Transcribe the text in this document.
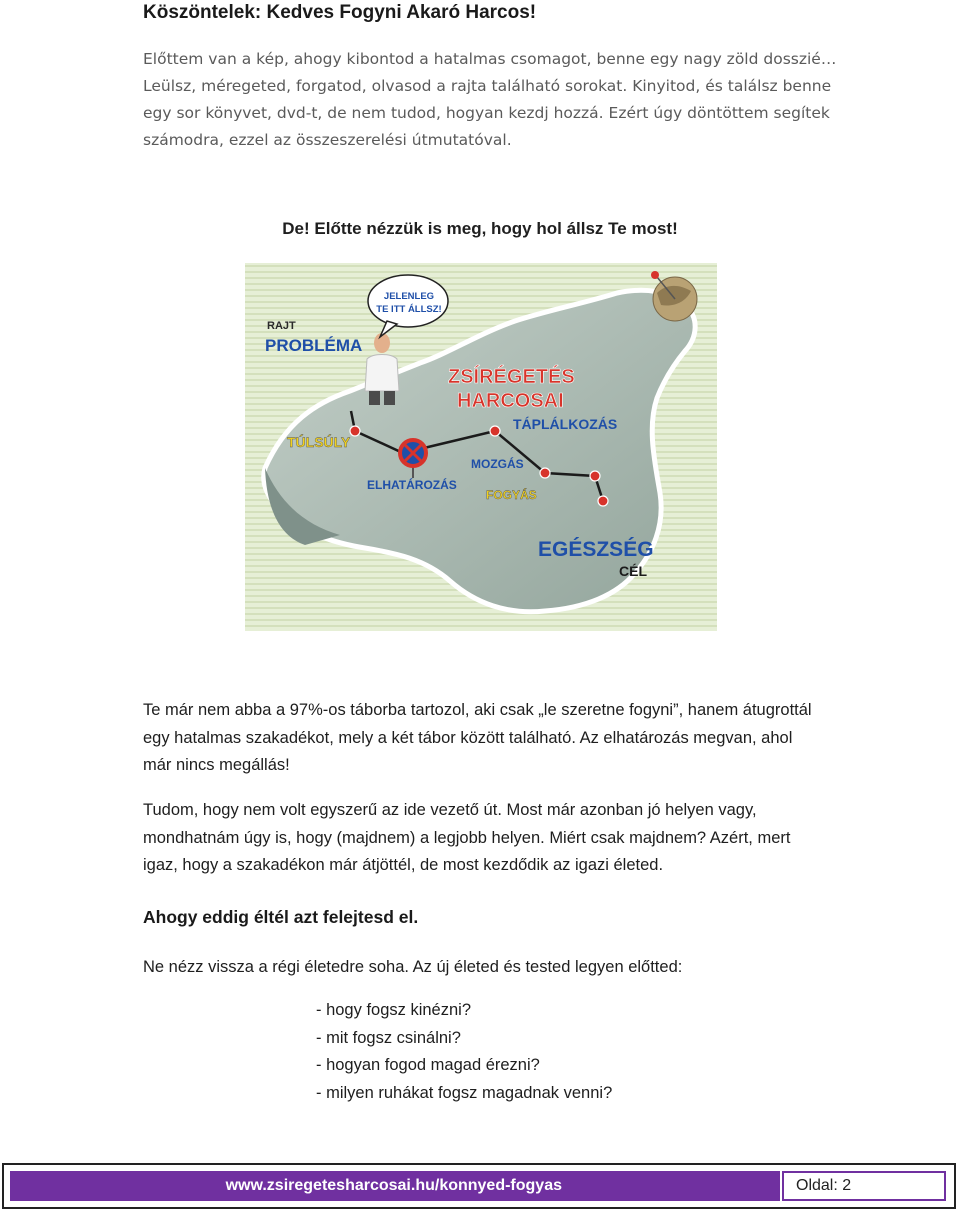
Köszöntelek: Kedves Fogyni Akaró Harcos!

Előttem van a kép, ahogy kibontod a hatalmas csomagot, benne egy nagy zöld dosszié… Leülsz, méregeted, forgatod, olvasod a rajta található sorokat. Kinyitod, és találsz benne egy sor könyvet, dvd-t, de nem tudod, hogyan kezdj hozzá. Ezért úgy döntöttem segítek számodra, ezzel az összeszerelési útmutatóval.

De! Előtte nézzük is meg, hogy hol állsz Te most!

JELENLEG
TE ITT ÁLLSZ!
RAJT
PROBLÉMA
ZSÍRÉGETÉS
HARCOSAI
TÁPLÁLKOZÁS
TÚLSÚLY
MOZGÁS
ELHATÁROZÁS
FOGYÁS
EGÉSZSÉG
CÉL

Te már nem abba a 97%-os táborba tartozol, aki csak „le szeretne fogyni”, hanem átugrottál egy hatalmas szakadékot, mely a két tábor között található. Az elhatározás megvan, ahol már nincs megállás!

Tudom, hogy nem volt egyszerű az ide vezető út. Most már azonban jó helyen vagy, mondhatnám úgy is, hogy (majdnem) a legjobb helyen. Miért csak majdnem? Azért, mert igaz, hogy a szakadékon már átjöttél, de most kezdődik az igazi életed.

Ahogy eddig éltél azt felejtesd el.

Ne nézz vissza a régi életedre soha. Az új életed és tested legyen előtted:

- hogy fogsz kinézni?
- mit fogsz csinálni?
- hogyan fogod magad érezni?
- milyen ruhákat fogsz magadnak venni?
www.zsiregetesharcosai.hu/konnyed-fogyas	Oldal: 2
